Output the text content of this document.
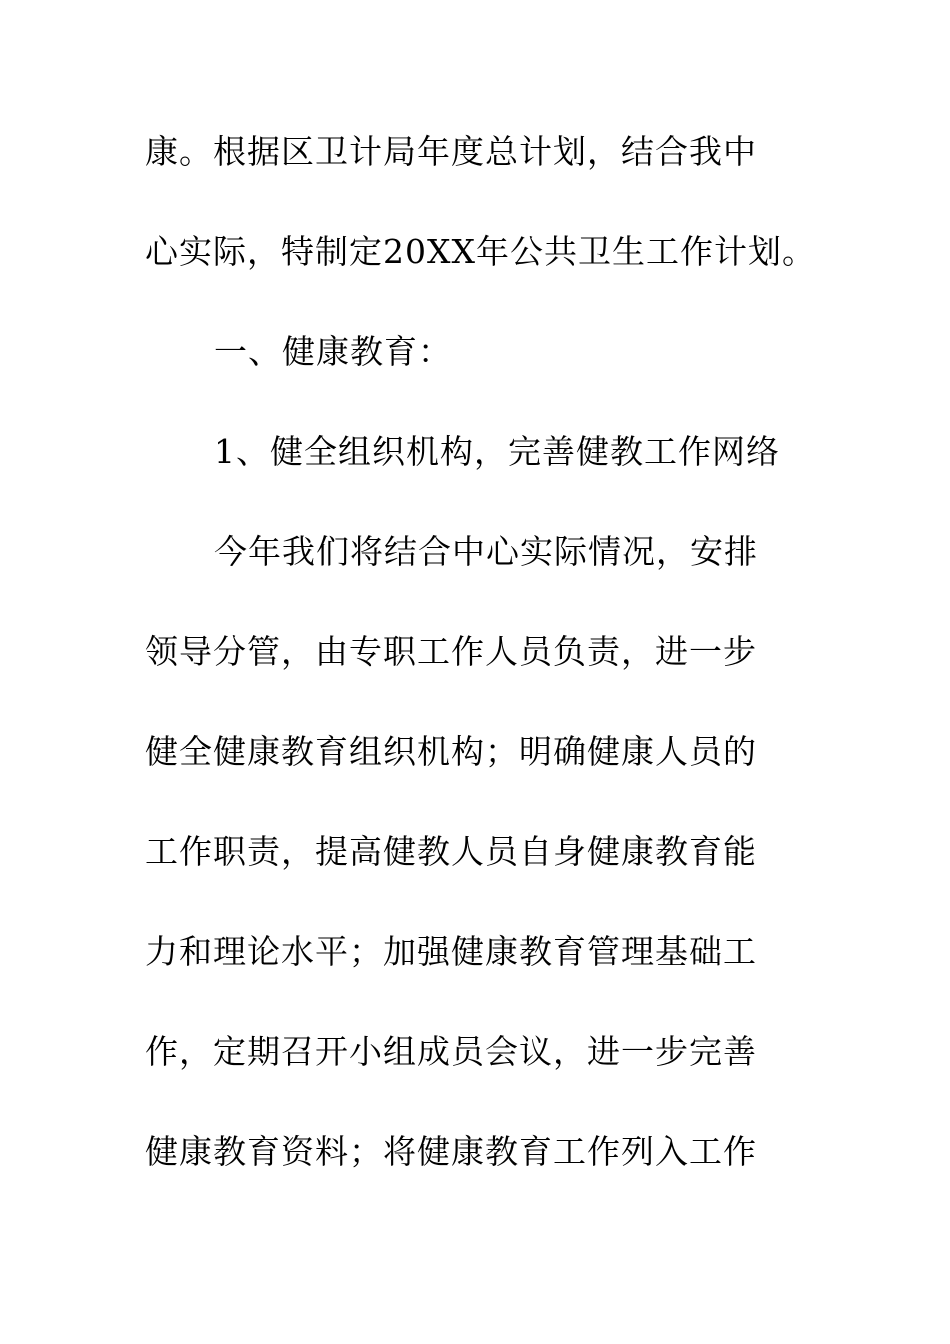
康。根据区卫计局年度总计划，结合我中
心实际，特制定20XX年公共卫生工作计划。
一、健康教育：
1、健全组织机构，完善健教工作网络
今年我们将结合中心实际情况，安排
领导分管，由专职工作人员负责，进一步
健全健康教育组织机构；明确健康人员的
工作职责，提高健教人员自身健康教育能
力和理论水平；加强健康教育管理基础工
作，定期召开小组成员会议，进一步完善
健康教育资料；将健康教育工作列入工作
